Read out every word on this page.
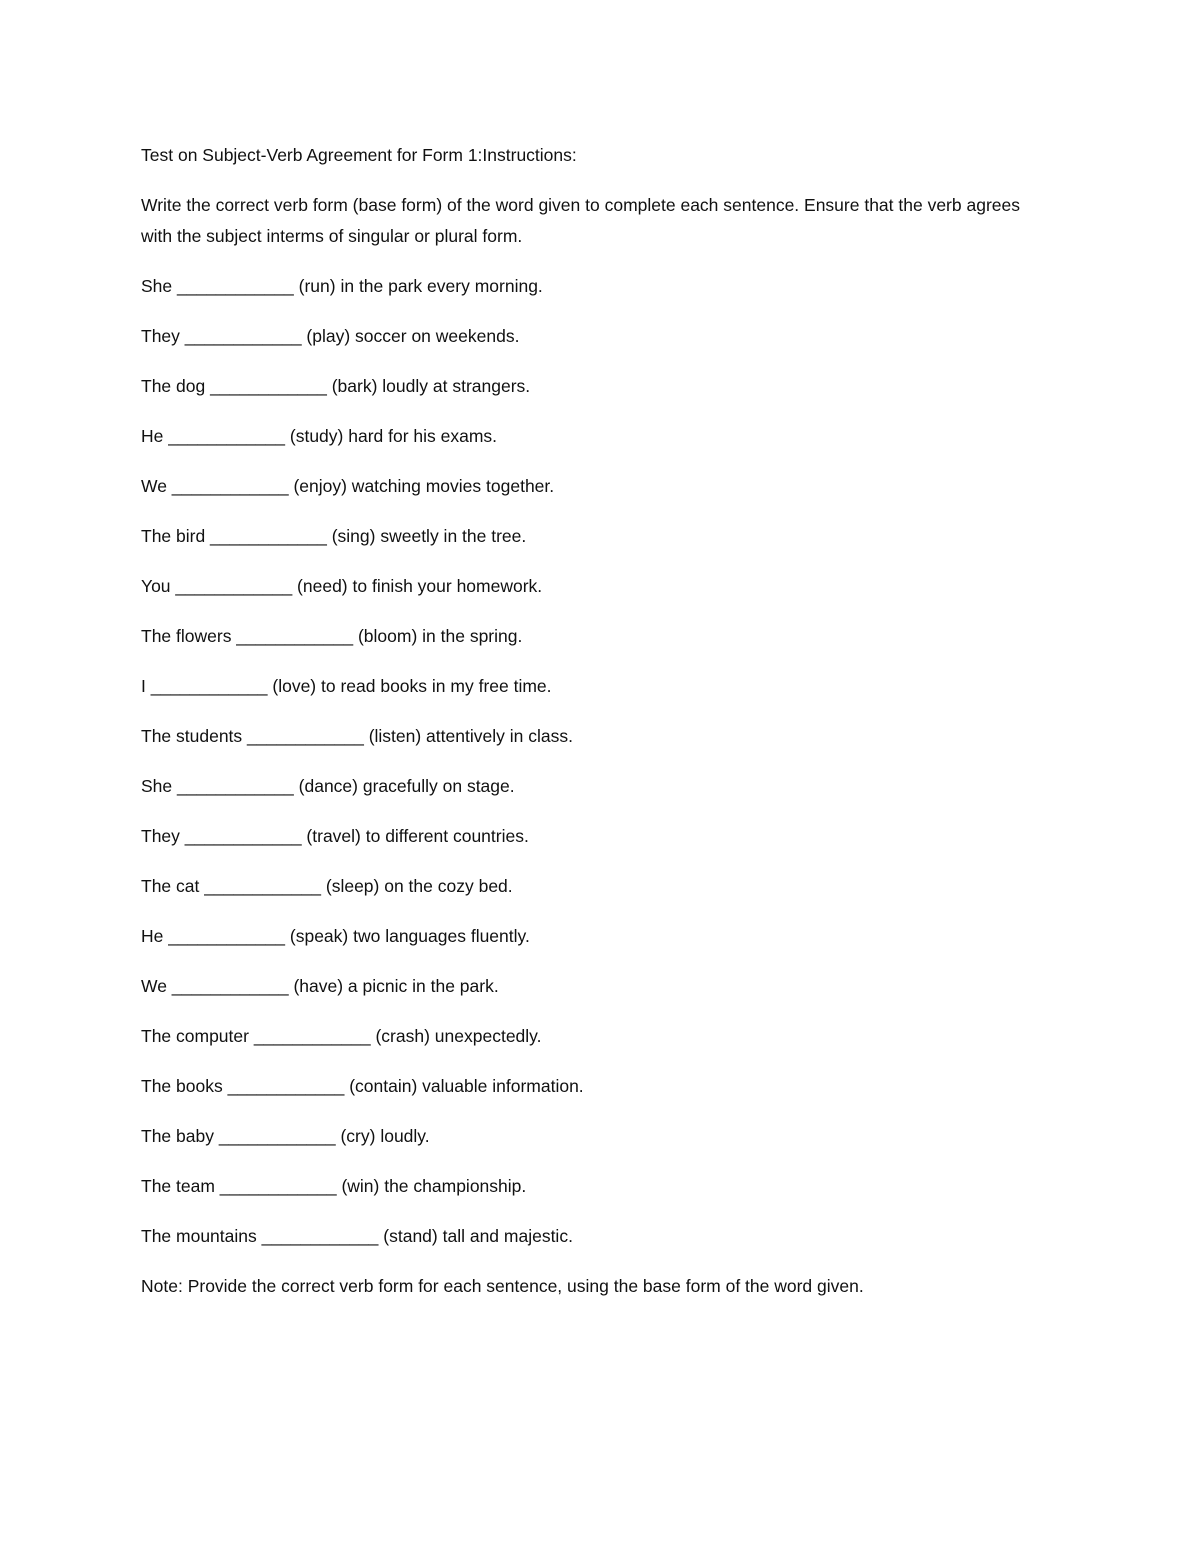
Test on Subject-Verb Agreement for Form 1:Instructions:

Write the correct verb form (base form) of the word given to complete each sentence. Ensure that the verb agrees with the subject interms of singular or plural form.

She ____________ (run) in the park every morning.

They ____________ (play) soccer on weekends.

The dog ____________ (bark) loudly at strangers.

He ____________ (study) hard for his exams.

We ____________ (enjoy) watching movies together.

The bird ____________ (sing) sweetly in the tree.

You ____________ (need) to finish your homework.

The flowers ____________ (bloom) in the spring.

I ____________ (love) to read books in my free time.

The students ____________ (listen) attentively in class.

She ____________ (dance) gracefully on stage.

They ____________ (travel) to different countries.

The cat ____________ (sleep) on the cozy bed.

He ____________ (speak) two languages fluently.

We ____________ (have) a picnic in the park.

The computer ____________ (crash) unexpectedly.

The books ____________ (contain) valuable information.

The baby ____________ (cry) loudly.

The team ____________ (win) the championship.

The mountains ____________ (stand) tall and majestic.

Note: Provide the correct verb form for each sentence, using the base form of the word given.
